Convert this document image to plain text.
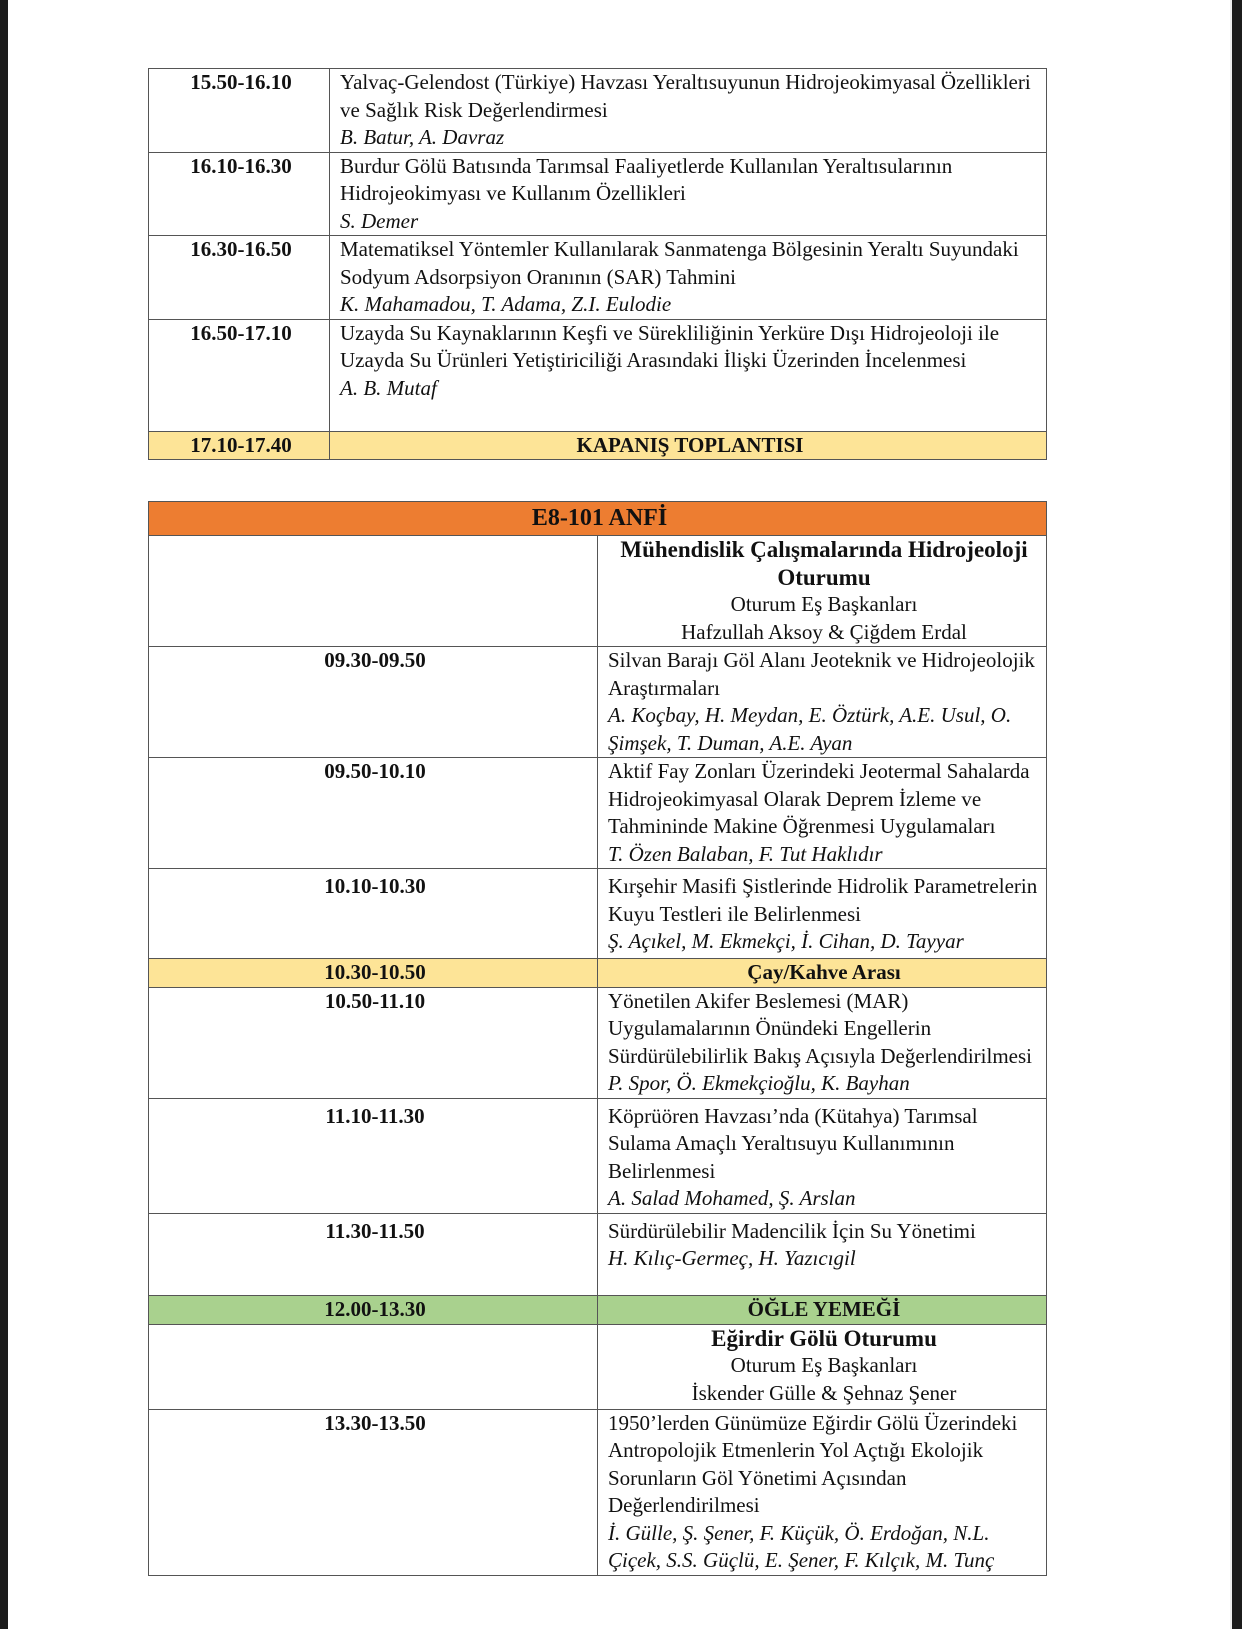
15.50-16.10	Yalvaç-Gelendost (Türkiye) Havzası Yeraltısuyunun Hidrojeokimyasal Özellikleri ve Sağlık Risk Değerlendirmesi
B. Batur, A. Davraz

16.10-16.30	Burdur Gölü Batısında Tarımsal Faaliyetlerde Kullanılan Yeraltısularının Hidrojeokimyası ve Kullanım Özellikleri
S. Demer

16.30-16.50	Matematiksel Yöntemler Kullanılarak Sanmatenga Bölgesinin Yeraltı Suyundaki Sodyum Adsorpsiyon Oranının (SAR) Tahmini
K. Mahamadou, T. Adama, Z.I. Eulodie

16.50-17.10	Uzayda Su Kaynaklarının Keşfi ve Sürekliliğinin Yerküre Dışı Hidrojeoloji ile Uzayda Su Ürünleri Yetiştiriciliği Arasındaki İlişki Üzerinden İncelenmesi
A. B. Mutaf

17.10-17.40	KAPANIŞ TOPLANTISI
E8-101 ANFİ	

	Mühendislik Çalışmalarında Hidrojeoloji Oturumu
Oturum Eş Başkanları
Hafzullah Aksoy & Çiğdem Erdal

09.30-09.50	Silvan Barajı Göl Alanı Jeoteknik ve Hidrojeolojik Araştırmaları
A. Koçbay, H. Meydan, E. Öztürk, A.E. Usul, O. Şimşek, T. Duman, A.E. Ayan

09.50-10.10	Aktif Fay Zonları Üzerindeki Jeotermal Sahalarda Hidrojeokimyasal Olarak Deprem İzleme ve Tahmininde Makine Öğrenmesi Uygulamaları
T. Özen Balaban, F. Tut Haklıdır

10.10-10.30	Kırşehir Masifi Şistlerinde Hidrolik Parametrelerin Kuyu Testleri ile Belirlenmesi
Ş. Açıkel, M. Ekmekçi, İ. Cihan, D. Tayyar

10.30-10.50	Çay/Kahve Arası
10.50-11.10	Yönetilen Akifer Beslemesi (MAR) Uygulamalarının Önündeki Engellerin Sürdürülebilirlik Bakış Açısıyla Değerlendirilmesi
P. Spor, Ö. Ekmekçioğlu, K. Bayhan

11.10-11.30	Köprüören Havzası’nda (Kütahya) Tarımsal Sulama Amaçlı Yeraltısuyu Kullanımının Belirlenmesi
A. Salad Mohamed, Ş. Arslan

11.30-11.50	Sürdürülebilir Madencilik İçin Su Yönetimi
H. Kılıç-Germeç, H. Yazıcıgil

12.00-13.30	ÖĞLE YEMEĞİ

	Eğirdir Gölü Oturumu
Oturum Eş Başkanları
İskender Gülle & Şehnaz Şener

13.30-13.50	1950’lerden Günümüze Eğirdir Gölü Üzerindeki Antropolojik Etmenlerin Yol Açtığı Ekolojik Sorunların Göl Yönetimi Açısından Değerlendirilmesi
İ. Gülle, Ş. Şener, F. Küçük, Ö. Erdoğan, N.L. Çiçek, S.S. Güçlü, E. Şener, F. Kılçık, M. Tunç
